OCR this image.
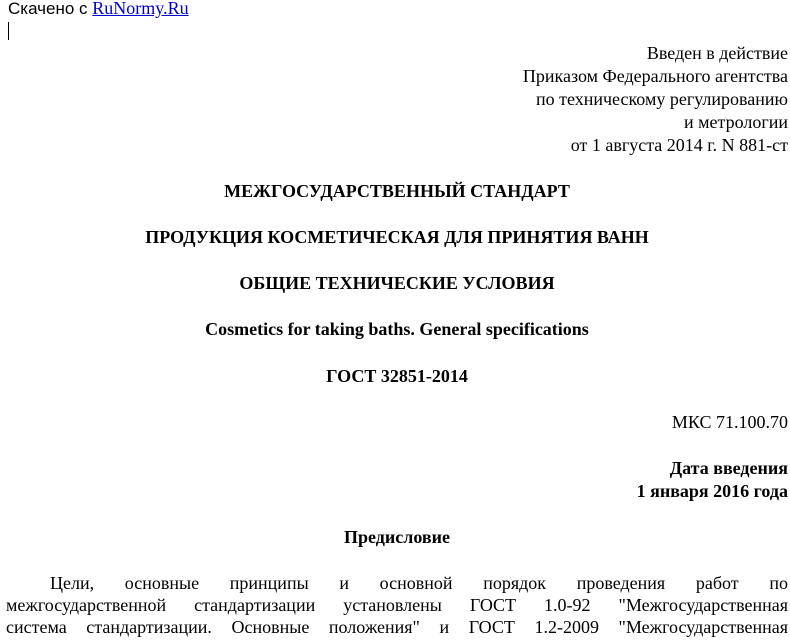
Скачено с RuNormy.Ru
Введен в действие
Приказом Федерального агентства
по техническому регулированию
и метрологии
от 1 августа 2014 г. N 881-ст
МЕЖГОСУДАРСТВЕННЫЙ СТАНДАРТ
ПРОДУКЦИЯ КОСМЕТИЧЕСКАЯ ДЛЯ ПРИНЯТИЯ ВАНН
ОБЩИЕ ТЕХНИЧЕСКИЕ УСЛОВИЯ
Cosmetics for taking baths. General specifications
ГОСТ 32851-2014
МКС 71.100.70
Дата введения
1 января 2016 года
Предисловие
Цели, основные принципы и основной порядок проведения работ по
межгосударственной стандартизации установлены ГОСТ 1.0-92 "Межгосударственная
система стандартизации. Основные положения" и ГОСТ 1.2-2009 "Межгосударственная
